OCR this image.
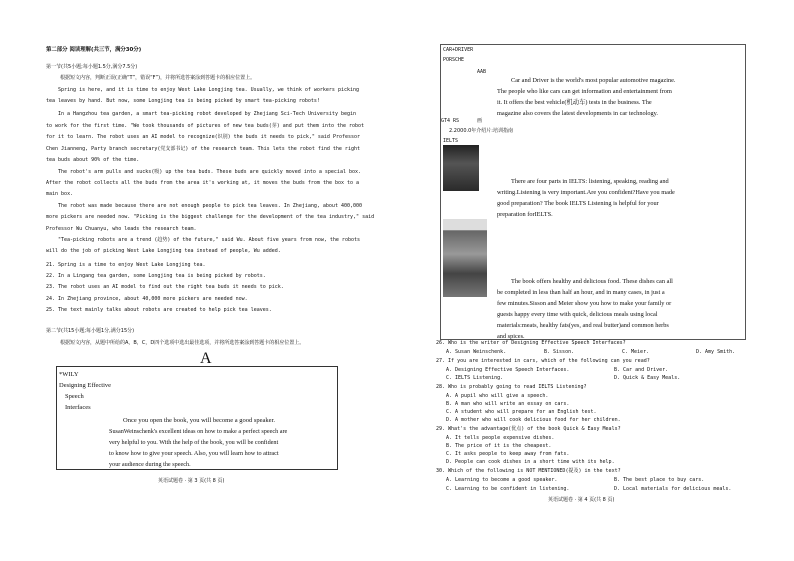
第二部分 阅读理解(共三节，满分30分)
第一节(共5小题;每小题1.5分,满分7.5分)
根据短文内容，判断正误(正确“T”，错误“F”)，并将所选答案涂到答题卡的相应位置上。
Spring is here, and it is time to enjoy West Lake Longjing tea. Usually, we think of workers picking
tea leaves by hand. But now, some Longjing tea is being picked by smart tea-picking robots!
In a Hangzhou tea garden, a smart tea-picking robot developed by Zhejiang Sci-Tech University begin
to work for the first time. "We took thousands of pictures of new tea buds(芽) and put them into the robot
for it to learn. The robot uses an AI model to recognize(识别) the buds it needs to pick," said Professor
Chen Jianneng, Party branch secretary(党支部书记) of the research team. This lets the robot find the right
tea buds about 90% of the time.
The robot's arm pulls and sucks(吸) up the tea buds. These buds are quickly moved into a special box.
After the robot collects all the buds from the area it's working at, it moves the buds from the box to a
main box.
The robot was made because there are not enough people to pick tea leaves. In Zhejiang, about 400,000
more pickers are needed now. "Picking is the biggest challenge for the development of the tea industry," said
Professor Wu Chuanyu, who leads the research team.
"Tea-picking robots are a trend (趋势) of the future," said Wu. About five years from now, the robots
will do the job of picking West Lake Longjing tea instead of people, Wu added.
21. Spring is a time to enjoy West Lake Longjing tea.
22. In a Lingang tea garden, some Longjing tea is being picked by robots.
23. The robot uses an AI model to find out the right tea buds it needs to pick.
24. In Zhejiang province, about 40,000 more pickers are needed now.
25. The text mainly talks about robots are created to help pick tea leaves.
第二节(共15小题;每小题1分,满分15分)
根据短文内容，从题中所给的A，B，C，D四个选项中选出最佳选项，并将所选答案涂到答题卡的相应位置上。
A
*WILY
Designing Effective
Speech
Interfaces
Once you open the book, you will become a good speaker.
SusanWeinschenk's excellent ideas on how to make a perfect speech are
very helpful to you. With the help of the book, you will be confident
to know how to give your speech. Also, you will learn how to attract
your audience during the speech.
英语试题卷 · 第 3 页(共 8 页)
CAR+DRIVER
PORSCHE
AAB
Car and Driver is the world's most popular automotive magazine.
The people who like cars can get information and entertainment from
it. It offers the best vehicle(机动车) tests in the business. The
magazine also covers the latest developments in car technology.
GT4 RS	画
2.2000.0年介绍片:培训指南
IELTS
There are four parts in IELTS: listening, speaking, reading and
writing.Listening is very important.Are you confident?Have you made
good preparation? The book IELTS Listening is helpful for your
preparation forIELTS.
The book offers healthy and delicious food. These dishes can all
be completed in less than half an hour, and in many cases, in just a
few minutes.Sisson and Meier show you how to make your family or
guests happy every time with quick, delicious meals using local
materials:meats, healthy fats(yes, and real butter)and common herbs
and spices.
26. Who is the writer of Designing Effective Speech Interfaces?
A. Susan Weinschenk.	B. Sisson.	C. Meier.	D. Amy Smith.
27. If you are interested in cars, which of the following can you read?
A. Designing Effective Speech Interfaces.	B. Car and Driver.
C. IELTS Listening.	D. Quick & Easy Meals.
28. Who is probably going to read IELTS Listening?
A. A pupil who will give a speech.
B. A man who will write an essay on cars.
C. A student who will prepare for an English test.
D. A mother who will cook delicious food for her children.
29. What's the advantage(优点) of the book Quick & Easy Meals?
A. It tells people expensive dishes.
B. The price of it is the cheapest.
C. It asks people to keep away from fats.
D. People can cook dishes in a short time with its help.
30. Which of the following is NOT MENTIONED(提及) in the text?
A. Learning to become a good speaker.	B. The best place to buy cars.
C. Learning to be confident in listening.	D. Local materials for delicious meals.
英语试题卷 · 第 4 页(共 8 页)
